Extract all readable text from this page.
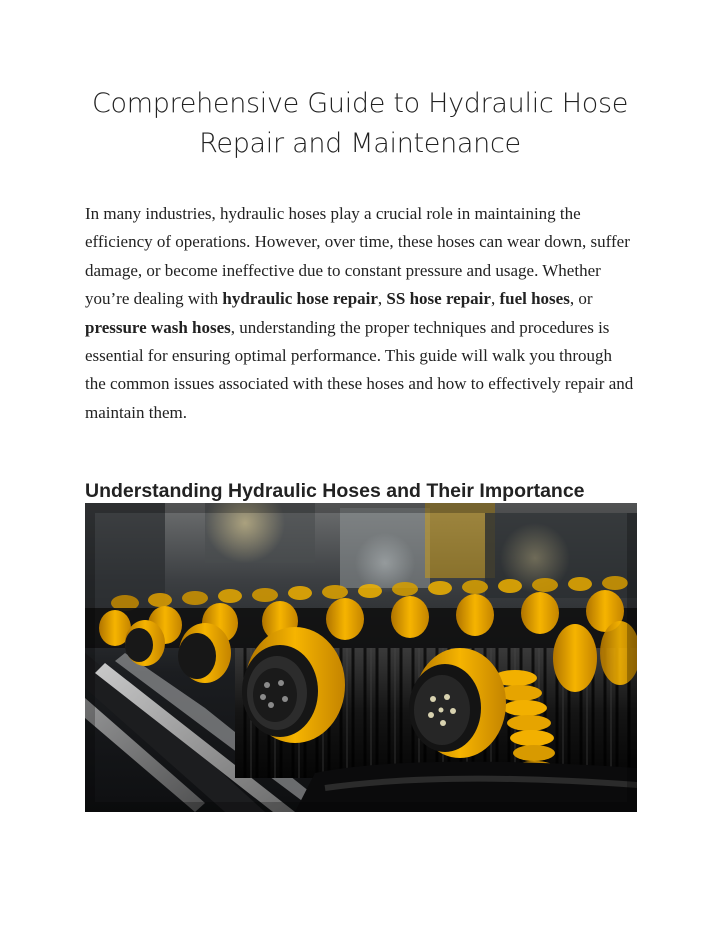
Comprehensive Guide to Hydraulic Hose Repair and Maintenance

In many industries, hydraulic hoses play a crucial role in maintaining the efficiency of operations. However, over time, these hoses can wear down, suffer damage, or become ineffective due to constant pressure and usage. Whether you’re dealing with hydraulic hose repair, SS hose repair, fuel hoses, or pressure wash hoses, understanding the proper techniques and procedures is essential for ensuring optimal performance. This guide will walk you through the common issues associated with these hoses and how to effectively repair and maintain them.

Understanding Hydraulic Hoses and Their Importance
